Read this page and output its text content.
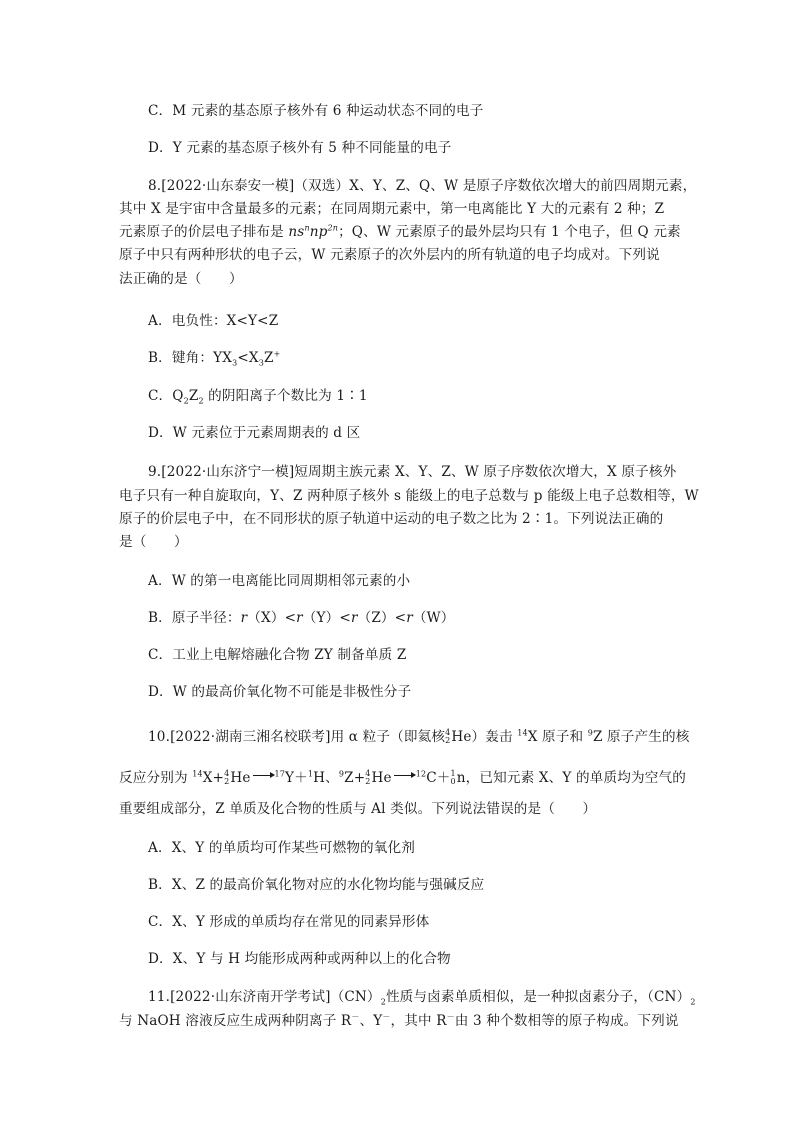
C．M 元素的基态原子核外有 6 种运动状态不同的电子
D．Y 元素的基态原子核外有 5 种不同能量的电子
8.[2022·山东泰安一模]（双选）X、Y、Z、Q、W 是原子序数依次增大的前四周期元素，
其中 X 是宇宙中含量最多的元素；在同周期元素中，第一电离能比 Y 大的元素有 2 种；Z
元素原子的价层电子排布是 $ns^nnp^{2n}$；Q、W 元素原子的最外层均只有 1 个电子，但 Q 元素
原子中只有两种形状的电子云，W 元素原子的次外层内的所有轨道的电子均成对。下列说
法正确的是（　　）
A．电负性：X<Y<Z
B．键角：$YX_3<X_3Z^+$
C．$Q_2Z_2$ 的阴阳离子个数比为 1∶1
D．W 元素位于元素周期表的 d 区
9.[2022·山东济宁一模]短周期主族元素 X、Y、Z、W 原子序数依次增大，X 原子核外
电子只有一种自旋取向，Y、Z 两种原子核外 s 能级上的电子总数与 p 能级上电子总数相等，W
原子的价层电子中，在不同形状的原子轨道中运动的电子数之比为 2∶1。下列说法正确的
是（　　）
A．W 的第一电离能比同周期相邻元素的小
B．原子半径：r（X）<r（Y）<r（Z）<r（W）
C．工业上电解熔融化合物 ZY 制备单质 Z
D．W 的最高价氧化物不可能是非极性分子
10.[2022·湖南三湘名校联考]用 α 粒子（即氦核 4
2 He）轰击 $^{14}$X 原子和 $^9$Z 原子产生的核
反应分别为 $^{14}$X+ 4
2 He	$^{17}$Y＋$^1$H、$^9$Z+ 4
2 He	$^{12}$C＋ 1
0 n，已知元素 X、Y 的单质均为空气的
重要组成部分，Z 单质及化合物的性质与 Al 类似。下列说法错误的是（　　）
A．X、Y 的单质均可作某些可燃物的氧化剂
B．X、Z 的最高价氧化物对应的水化物均能与强碱反应
C．X、Y 形成的单质均存在常见的同素异形体
D．X、Y 与 H 均能形成两种或两种以上的化合物
11.[2022·山东济南开学考试]$(CN)_2$性质与卤素单质相似，是一种拟卤素分子，$(CN)_2$
与 NaOH 溶液反应生成两种阴离子 R－、Y－，其中 R－由 3 种个数相等的原子构成。下列说
